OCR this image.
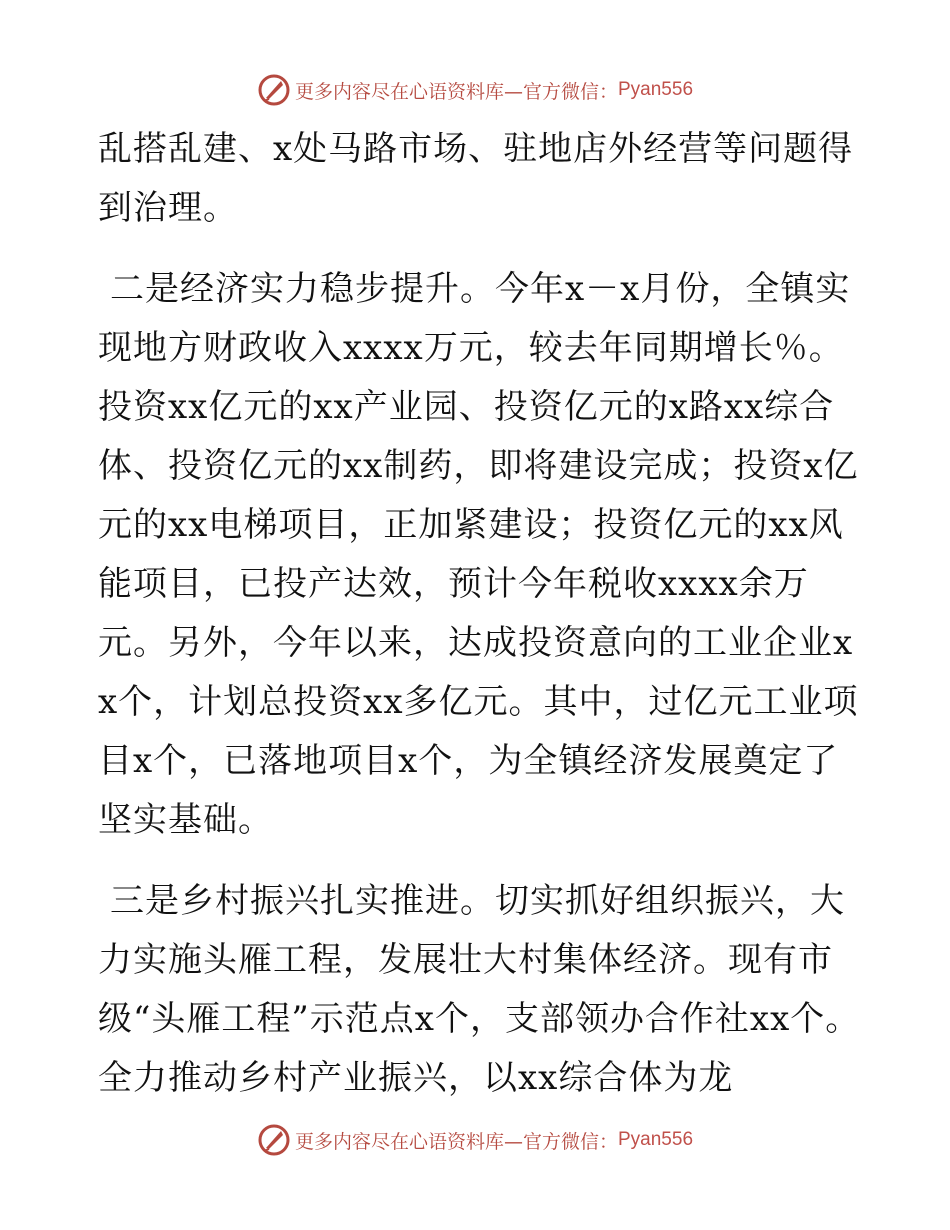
更多内容尽在心语资料库 —官方微信： Pyan556

乱搭乱建、x处马路市场、驻地店外经营等问题得到治理。

二是经济实力稳步提升。今年x－x月份，全镇实现地方财政收入xxxx万元，较去年同期增长％。投资xx亿元的xx产业园、投资亿元的x路xx综合体、投资亿元的xx制药，即将建设完成；投资x亿元的xx电梯项目，正加紧建设；投资亿元的xx风能项目，已投产达效，预计今年税收xxxx余万元。另外，今年以来，达成投资意向的工业企业xx个，计划总投资xx多亿元。其中，过亿元工业项目x个，已落地项目x个，为全镇经济发展奠定了坚实基础。

三是乡村振兴扎实推进。切实抓好组织振兴，大力实施头雁工程，发展壮大村集体经济。现有市级“头雁工程”示范点x个，支部领办合作社xx个。全力推动乡村产业振兴，以xx综合体为龙

更多内容尽在心语资料库 —官方微信： Pyan556
